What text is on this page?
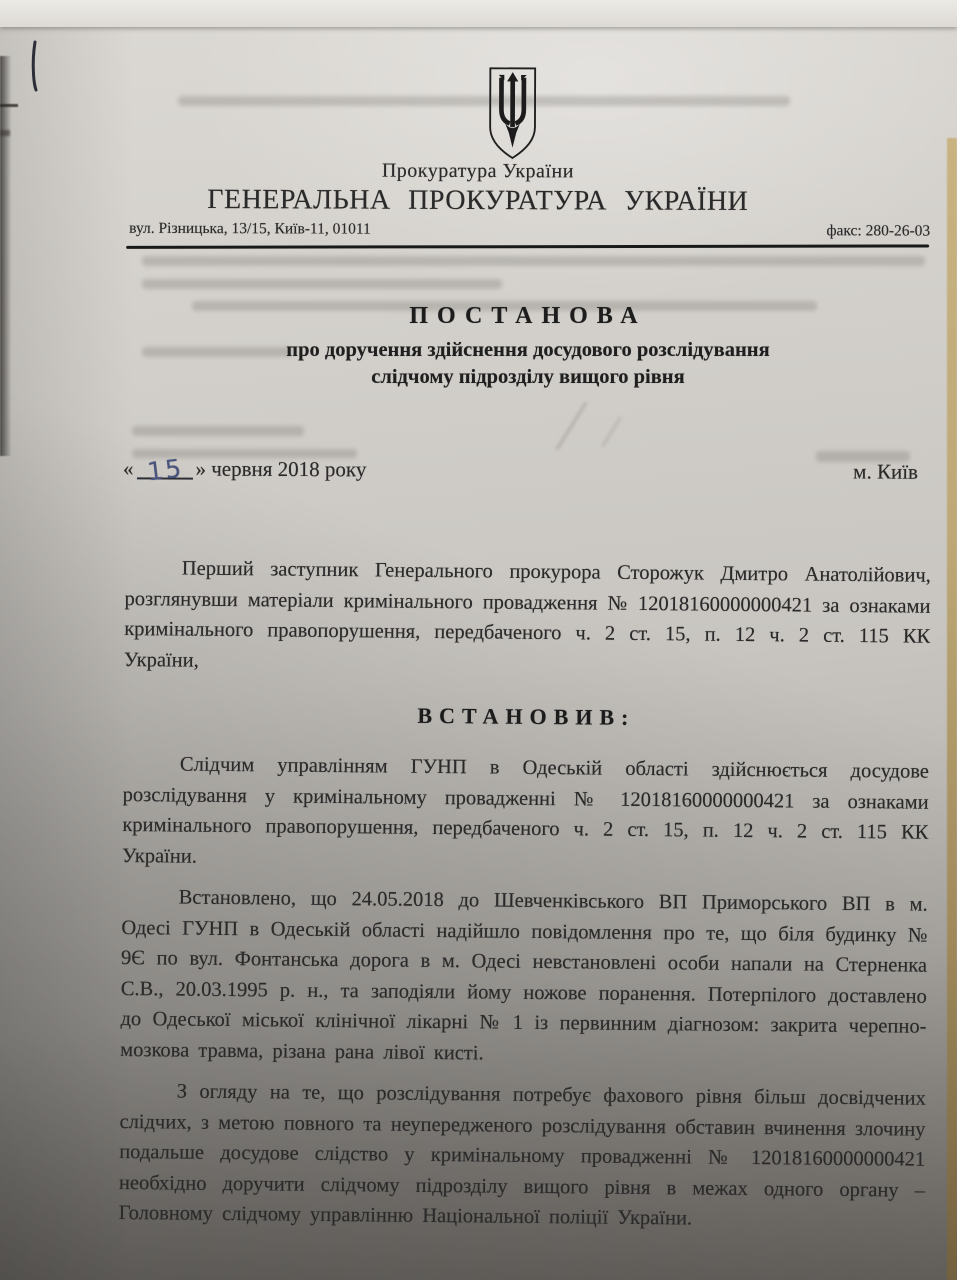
Прокуратура України
ГЕНЕРАЛЬНА ПРОКУРАТУРА УКРАЇНИ
вул. Різницька, 13/15, Київ-11, 01011	факс: 280-26-03
ПОСТАНОВА
про доручення здійснення досудового розслідування
слідчому підрозділу вищого рівня
« 15 » червня 2018 року	м. Київ

Перший заступник Генерального прокурора Сторожук Дмитро Анатолійович, розглянувши матеріали кримінального провадження № 12018160000000421 за ознаками кримінального правопорушення, передбаченого ч. 2 ст. 15, п. 12 ч. 2 ст. 115 КК України,

ВСТАНОВИВ:

Слідчим управлінням ГУНП в Одеській області здійснюється досудове розслідування у кримінальному провадженні № 12018160000000421 за ознаками кримінального правопорушення, передбаченого ч. 2 ст. 15, п. 12 ч. 2 ст. 115 КК України.

Встановлено, що 24.05.2018 до Шевченківського ВП Приморського ВП в м. Одесі ГУНП в Одеській області надійшло повідомлення про те, що біля будинку № 9Є по вул. Фонтанська дорога в м. Одесі невстановлені особи напали на Стерненка С.В., 20.03.1995 р. н., та заподіяли йому ножове поранення. Потерпілого доставлено до Одеської міської клінічної лікарні № 1 із первинним діагнозом: закрита черепно-мозкова травма, різана рана лівої кисті.

З огляду на те, що розслідування потребує фахового рівня більш досвідчених слідчих, з метою повного та неупередженого розслідування обставин вчинення злочину подальше досудове слідство у кримінальному провадженні № 12018160000000421 необхідно доручити слідчому підрозділу вищого рівня в межах одного органу – Головному слідчому управлінню Національної поліції України.
